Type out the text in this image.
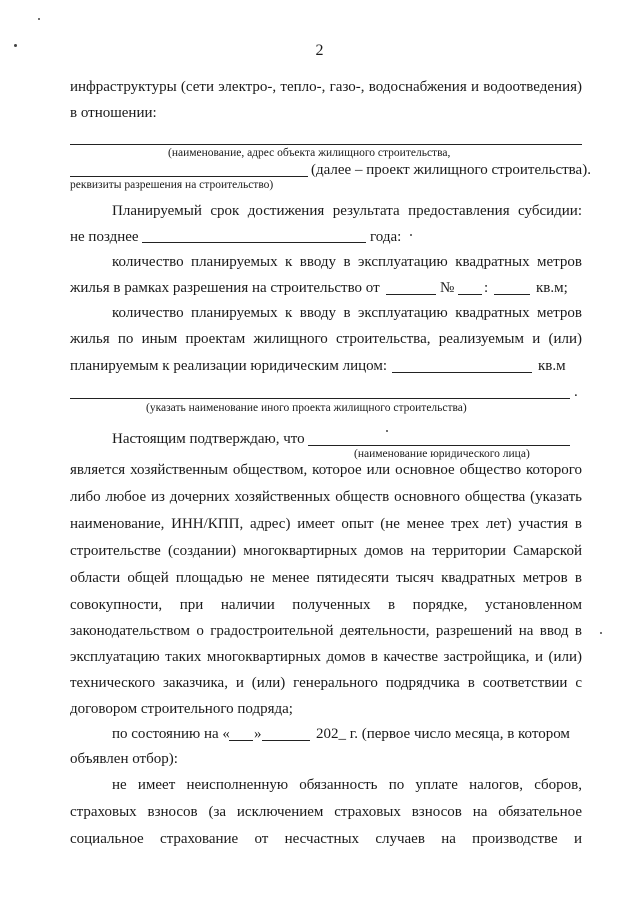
2
инфраструктуры (сети электро-, тепло-, газо-, водоснабжения и водоотведения)
в отношении:
(наименование, адрес объекта жилищного строительства,
(далее – проект жилищного строительства).
реквизиты разрешения на строительство)
Планируемый срок достижения результата предоставления субсидии:
не позднее	года:
количество планируемых к вводу в эксплуатацию квадратных метров
жилья в рамках разрешения на строительство от	№ :	кв.м;
количество планируемых к вводу в эксплуатацию квадратных метров
жилья по иным проектам жилищного строительства, реализуемым и (или)
планируемым к реализации юридическим лицом:	кв.м
.
(указать наименование иного проекта жилищного строительства)
Настоящим подтверждаю, что
(наименование юридического лица)
является хозяйственным обществом, которое или основное общество которого
либо любое из дочерних хозяйственных обществ основного общества (указать
наименование, ИНН/КПП, адрес) имеет опыт (не менее трех лет) участия в
строительстве (создании) многоквартирных домов на территории Самарской
области общей площадью не менее пятидесяти тысяч квадратных метров в
совокупности, при наличии полученных в порядке, установленном
законодательством о градостроительной деятельности, разрешений на ввод в
эксплуатацию таких многоквартирных домов в качестве застройщика, и (или)
технического заказчика, и (или) генерального подрядчика в соответствии с
договором строительного подряда;
по состоянию на « »	202_ г. (первое число месяца, в котором
объявлен отбор):
не имеет неисполненную обязанность по уплате налогов, сборов,
страховых взносов (за исключением страховых взносов на обязательное
социальное страхование от несчастных случаев на производстве и
